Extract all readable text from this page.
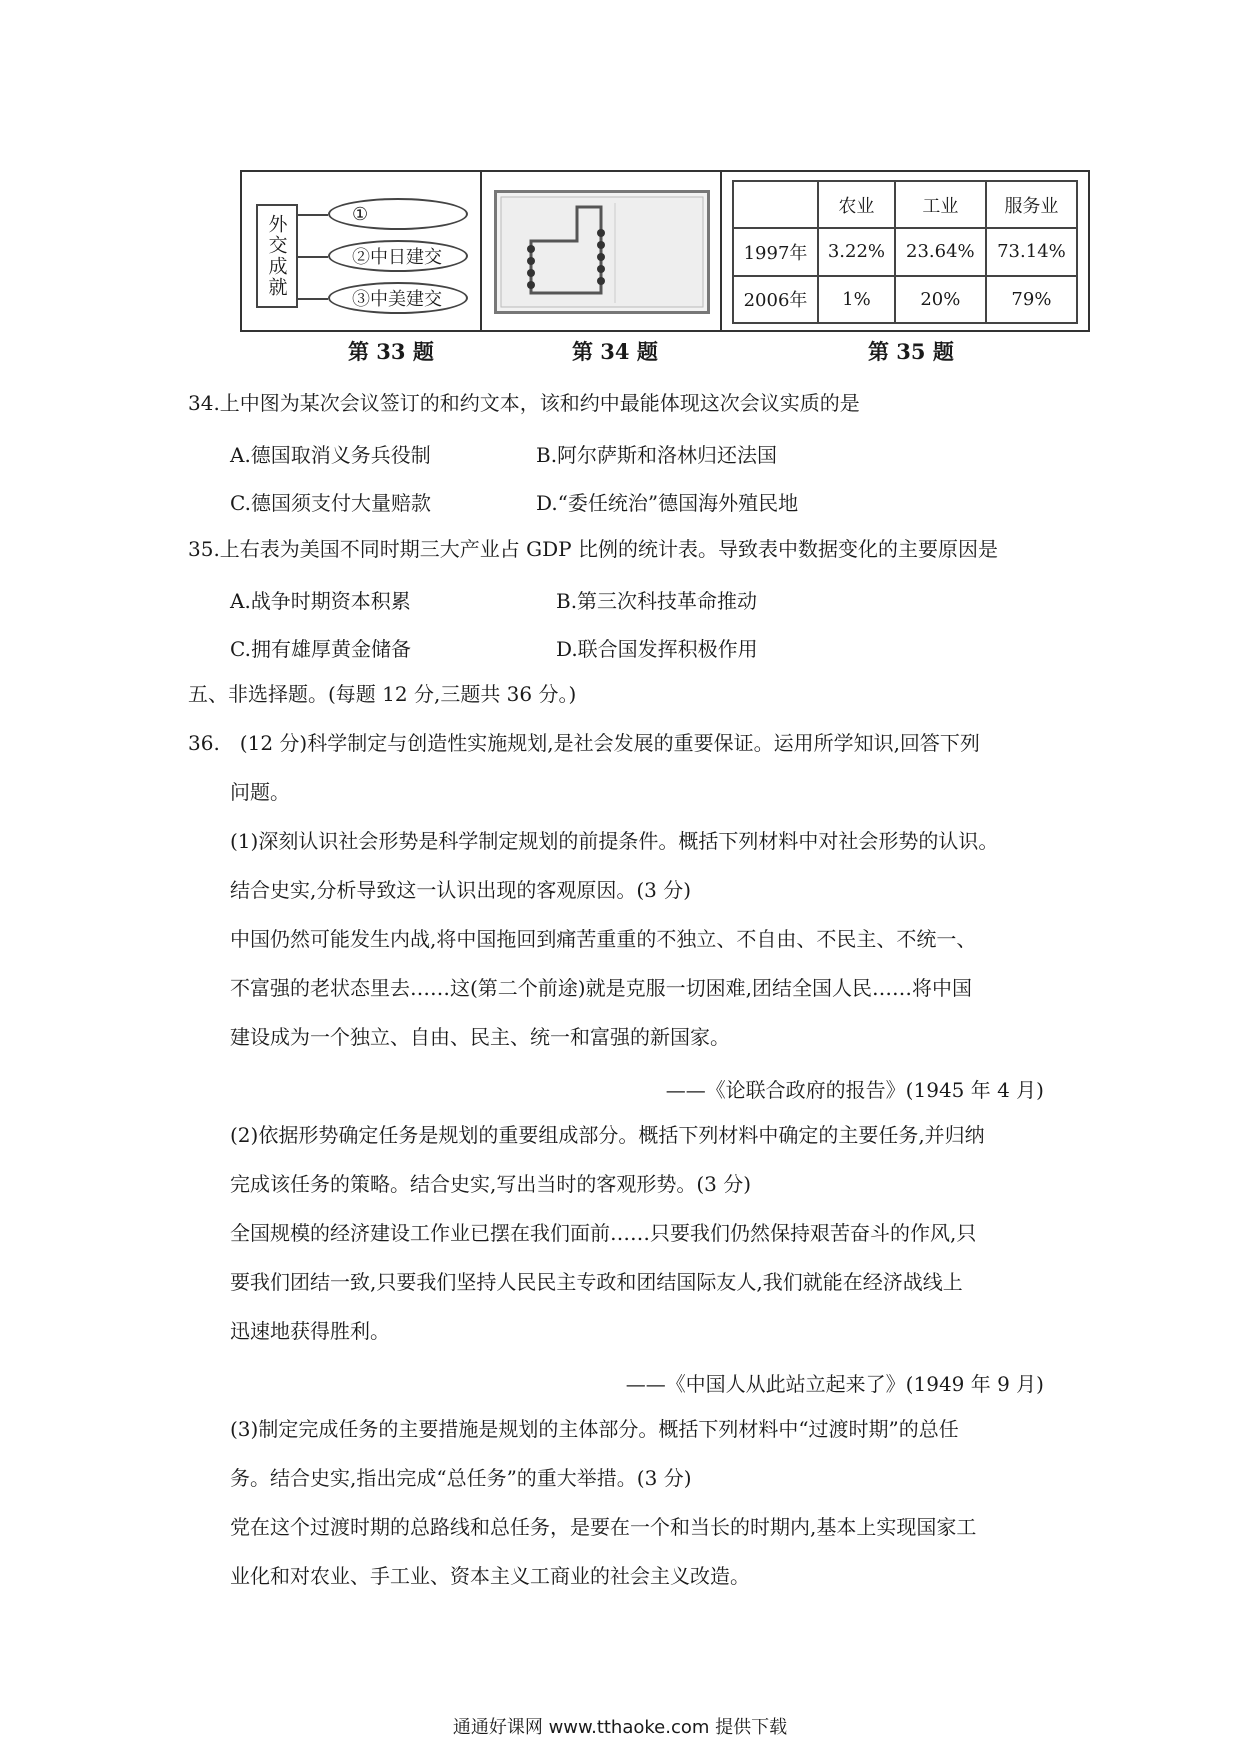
外交成就	①
②中日建交
③中美建交
	农业	工业	服务业
1997年	3.22%	23.64%	73.14%
2006年	1%	20%	79%
第 33 题	第 34 题	第 35 题
34.上中图为某次会议签订的和约文本，该和约中最能体现这次会议实质的是
A.德国取消义务兵役制	B.阿尔萨斯和洛林归还法国
C.德国须支付大量赔款	D.“委任统治”德国海外殖民地
35.上右表为美国不同时期三大产业占 GDP 比例的统计表。导致表中数据变化的主要原因是
A.战争时期资本积累	B.第三次科技革命推动
C.拥有雄厚黄金储备	D.联合国发挥积极作用
五、非选择题。(每题 12 分,三题共 36 分。)
36.　(12 分)科学制定与创造性实施规划,是社会发展的重要保证。运用所学知识,回答下列
问题。
(1)深刻认识社会形势是科学制定规划的前提条件。概括下列材料中对社会形势的认识。
结合史实,分析导致这一认识出现的客观原因。(3 分)
中国仍然可能发生内战,将中国拖回到痛苦重重的不独立、不自由、不民主、不统一、
不富强的老状态里去……这(第二个前途)就是克服一切困难,团结全国人民……将中国
建设成为一个独立、自由、民主、统一和富强的新国家。
——《论联合政府的报告》(1945 年 4 月)
(2)依据形势确定任务是规划的重要组成部分。概括下列材料中确定的主要任务,并归纳
完成该任务的策略。结合史实,写出当时的客观形势。(3 分)
全国规模的经济建设工作业已摆在我们面前……只要我们仍然保持艰苦奋斗的作风,只
要我们团结一致,只要我们坚持人民民主专政和团结国际友人,我们就能在经济战线上
迅速地获得胜利。
——《中国人从此站立起来了》(1949 年 9 月)
(3)制定完成任务的主要措施是规划的主体部分。概括下列材料中“过渡时期”的总任
务。结合史实,指出完成“总任务”的重大举措。(3 分)
党在这个过渡时期的总路线和总任务，是要在一个和当长的时期内,基本上实现国家工
业化和对农业、手工业、资本主义工商业的社会主义改造。
通通好课网 www.tthaoke.com 提供下载
